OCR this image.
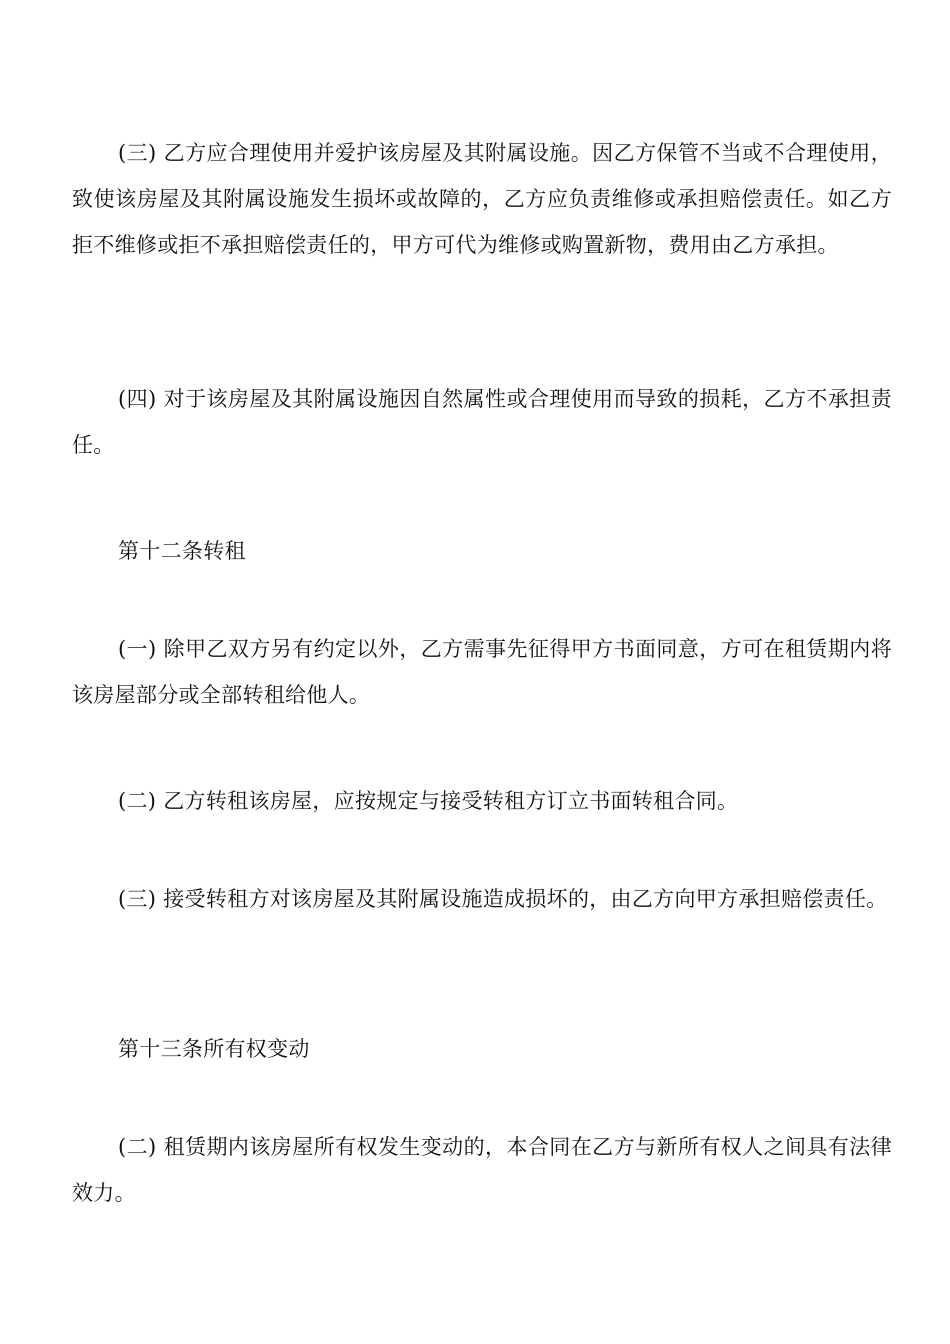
(三) 乙方应合理使用并爱护该房屋及其附属设施。因乙方保管不当或不合理使用，致使该房屋及其附属设施发生损坏或故障的，乙方应负责维修或承担赔偿责任。如乙方拒不维修或拒不承担赔偿责任的，甲方可代为维修或购置新物，费用由乙方承担。

(四) 对于该房屋及其附属设施因自然属性或合理使用而导致的损耗，乙方不承担责任。

第十二条转租

(一) 除甲乙双方另有约定以外，乙方需事先征得甲方书面同意，方可在租赁期内将该房屋部分或全部转租给他人。

(二) 乙方转租该房屋，应按规定与接受转租方订立书面转租合同。

(三) 接受转租方对该房屋及其附属设施造成损坏的，由乙方向甲方承担赔偿责任。

第十三条所有权变动

(二) 租赁期内该房屋所有权发生变动的，本合同在乙方与新所有权人之间具有法律效力。
